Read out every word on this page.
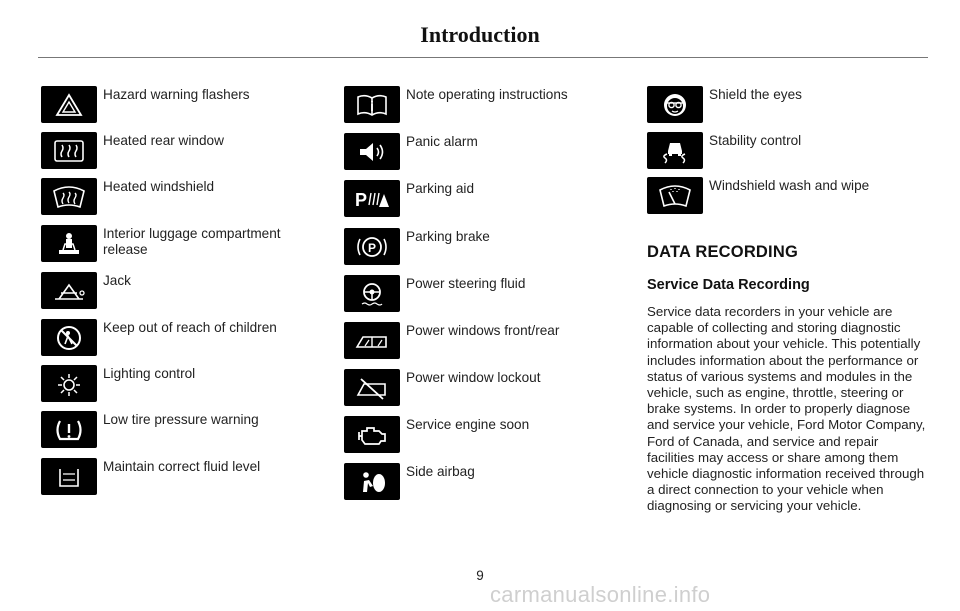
Introduction
Hazard warning flashers
Heated rear window
Heated windshield
Interior luggage compartment release
Jack
Keep out of reach of children
Lighting control
Low tire pressure warning
Maintain correct fluid level
Note operating instructions
Panic alarm
P
Parking aid
P
Parking brake
Power steering fluid
Power windows front/rear
Power window lockout
Service engine soon
Side airbag
Shield the eyes
Stability control
Windshield wash and wipe
DATA RECORDING
Service Data Recording
Service data recorders in your vehicle are capable of collecting and storing diagnostic information about your vehicle. This potentially includes information about the performance or status of various systems and modules in the vehicle, such as engine, throttle, steering or brake systems. In order to properly diagnose and service your vehicle, Ford Motor Company, Ford of Canada, and service and repair facilities may access or share among them vehicle diagnostic information received through a direct connection to your vehicle when diagnosing or servicing your vehicle.
9
carmanualsonline.info
